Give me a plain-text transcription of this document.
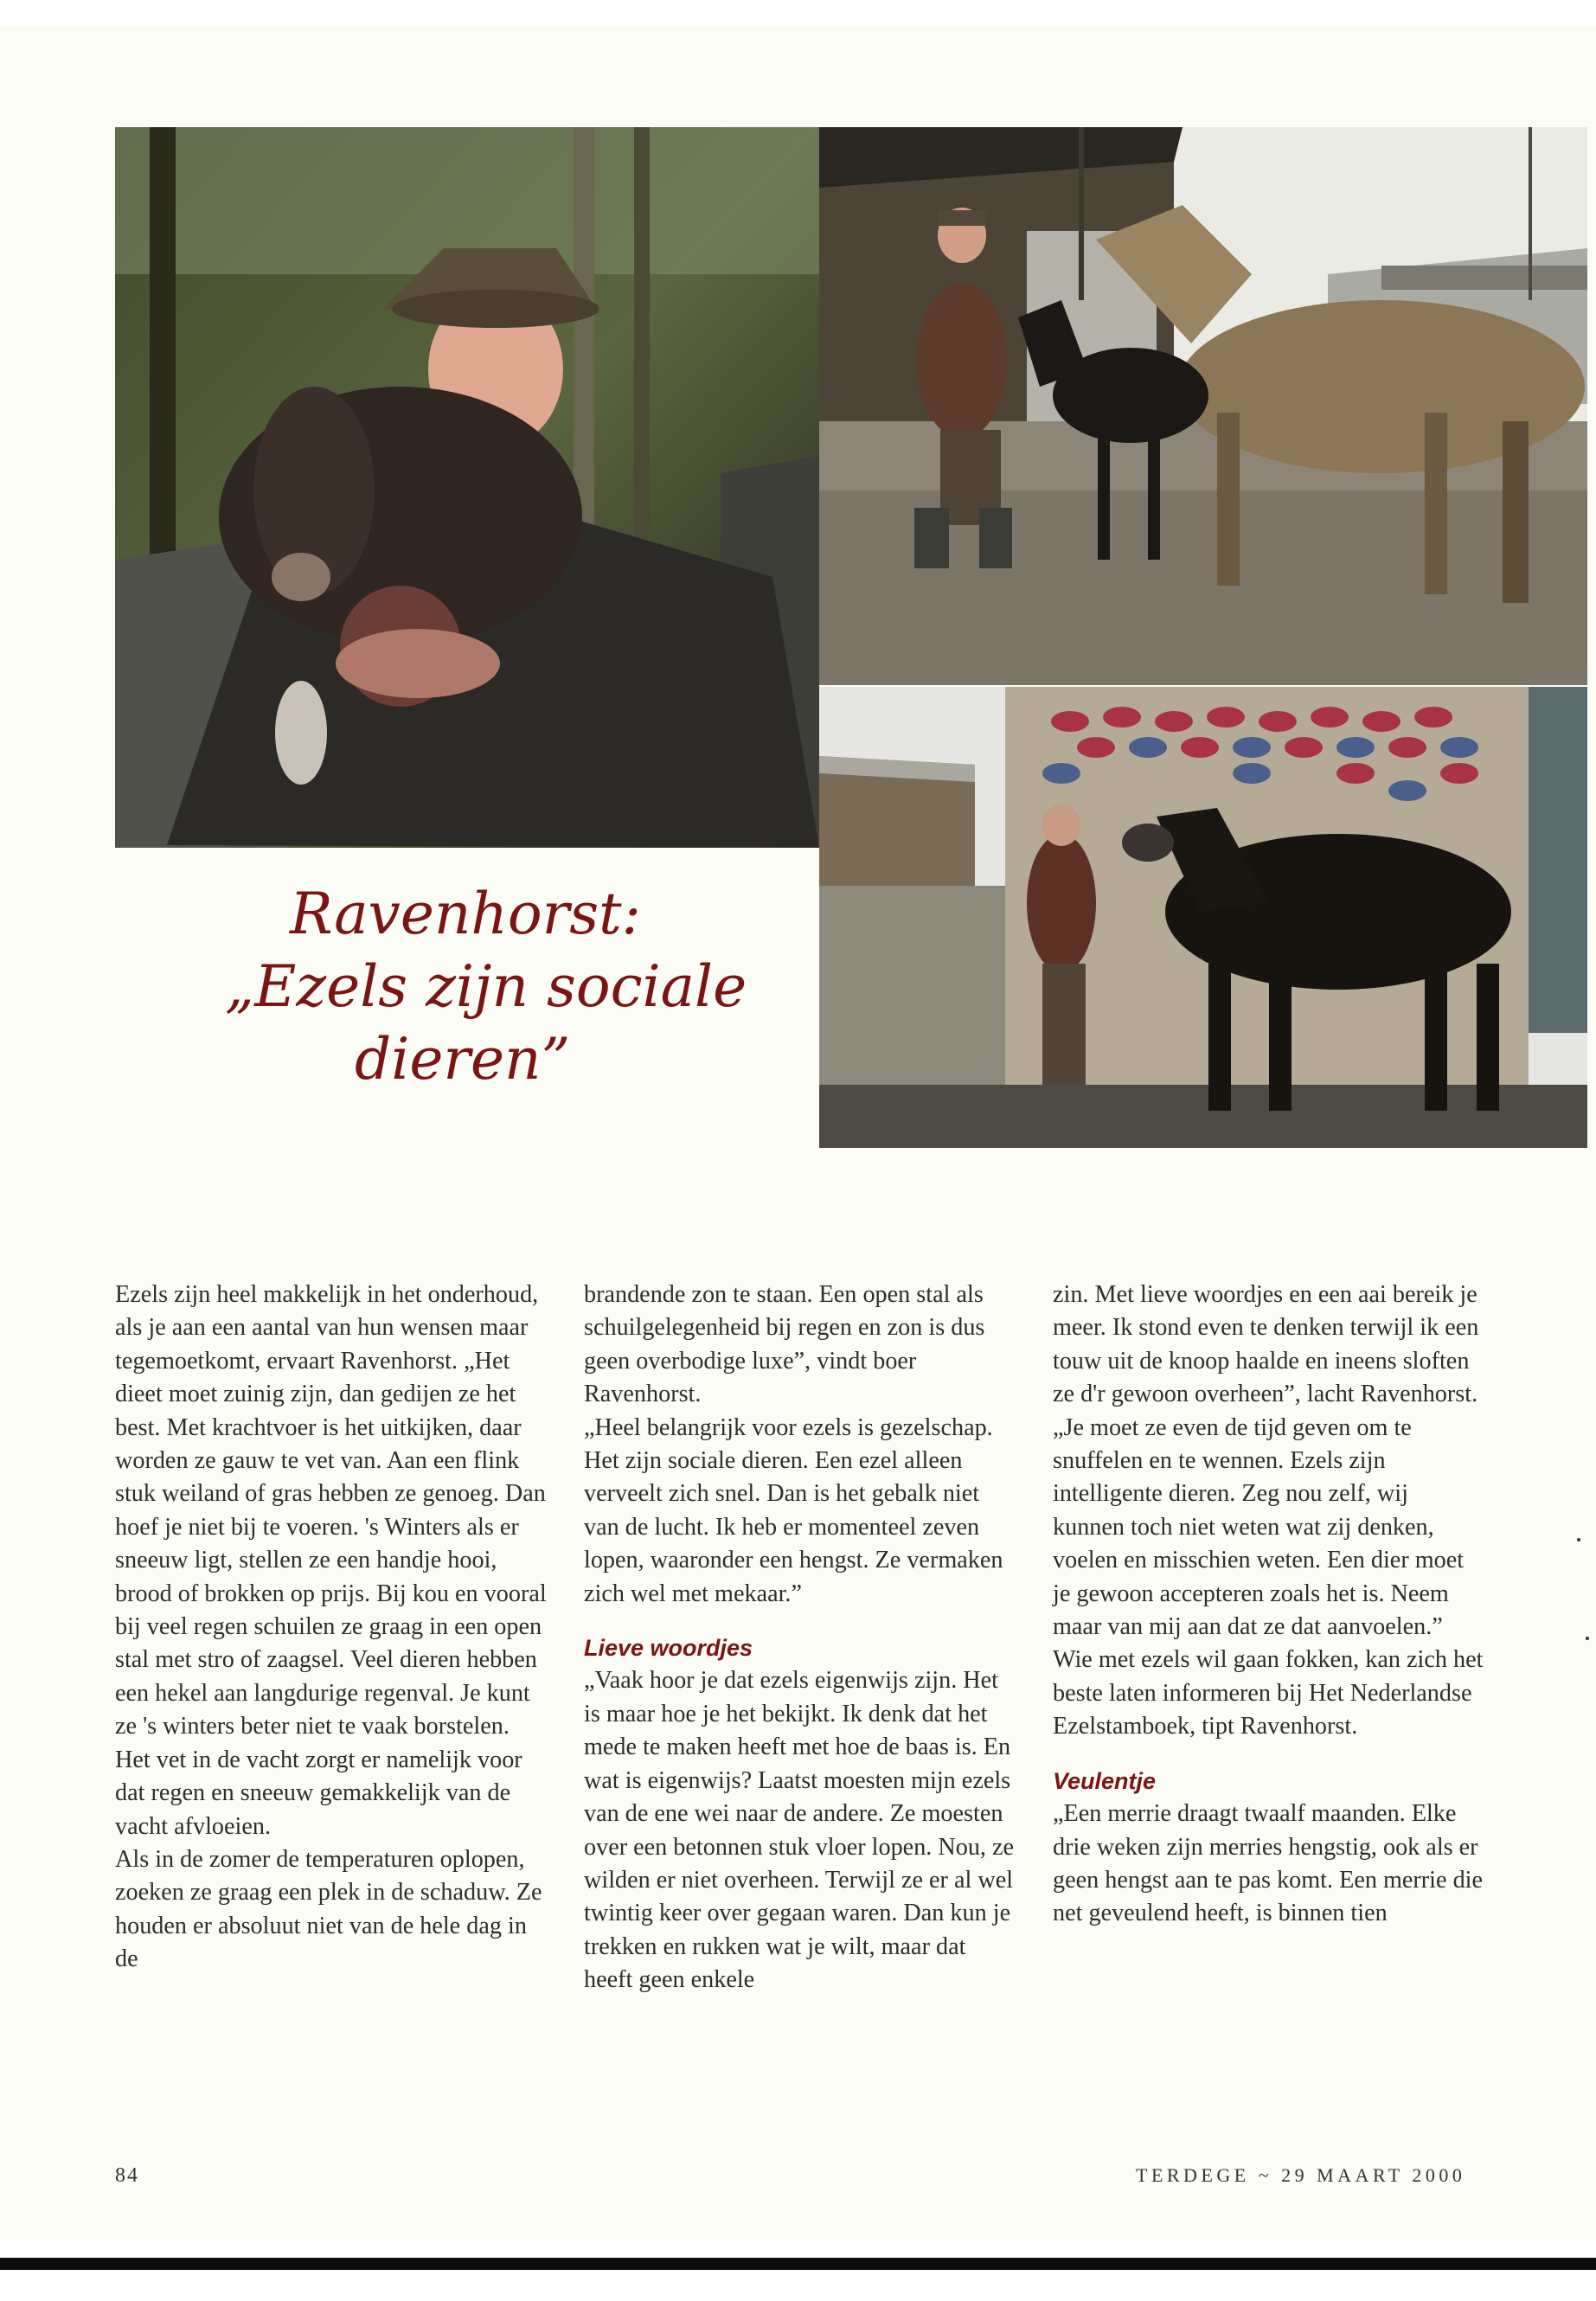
Ravenhorst:
„Ezels zijn sociale
dieren”

Ezels zijn heel makkelijk in het onderhoud, als je aan een aantal van hun wensen maar tegemoetkomt, ervaart Ravenhorst. „Het dieet moet zuinig zijn, dan gedijen ze het best. Met krachtvoer is het uitkijken, daar worden ze gauw te vet van. Aan een flink stuk weiland of gras hebben ze genoeg. Dan hoef je niet bij te voeren. 's Winters als er sneeuw ligt, stellen ze een handje hooi, brood of brokken op prijs. Bij kou en vooral bij veel regen schuilen ze graag in een open stal met stro of zaagsel. Veel dieren hebben een hekel aan langdurige regenval. Je kunt ze 's winters beter niet te vaak borstelen. Het vet in de vacht zorgt er namelijk voor dat regen en sneeuw gemakkelijk van de vacht afvloeien.

Als in de zomer de temperaturen oplopen, zoeken ze graag een plek in de schaduw. Ze houden er absoluut niet van de hele dag in de

brandende zon te staan. Een open stal als schuilgelegenheid bij regen en zon is dus geen overbodige luxe”, vindt boer Ravenhorst.

„Heel belangrijk voor ezels is gezelschap. Het zijn sociale dieren. Een ezel alleen verveelt zich snel. Dan is het gebalk niet van de lucht. Ik heb er momenteel zeven lopen, waaronder een hengst. Ze vermaken zich wel met mekaar.”

Lieve woordjes

„Vaak hoor je dat ezels eigenwijs zijn. Het is maar hoe je het bekijkt. Ik denk dat het mede te maken heeft met hoe de baas is. En wat is eigenwijs? Laatst moesten mijn ezels van de ene wei naar de andere. Ze moesten over een betonnen stuk vloer lopen. Nou, ze wilden er niet overheen. Terwijl ze er al wel twintig keer over gegaan waren. Dan kun je trekken en rukken wat je wilt, maar dat heeft geen enkele

zin. Met lieve woordjes en een aai bereik je meer. Ik stond even te denken terwijl ik een touw uit de knoop haalde en ineens sloften ze d'r gewoon overheen”, lacht Ravenhorst. „Je moet ze even de tijd geven om te snuffelen en te wennen. Ezels zijn intelligente dieren. Zeg nou zelf, wij kunnen toch niet weten wat zij denken, voelen en misschien weten. Een dier moet je gewoon accepteren zoals het is. Neem maar van mij aan dat ze dat aanvoelen.”

Wie met ezels wil gaan fokken, kan zich het beste laten informeren bij Het Nederlandse Ezelstamboek, tipt Ravenhorst.

Veulentje

„Een merrie draagt twaalf maanden. Elke drie weken zijn merries hengstig, ook als er geen hengst aan te pas komt. Een merrie die net geveulend heeft, is binnen tien

84	TERDEGE ~ 29 MAART 2000
